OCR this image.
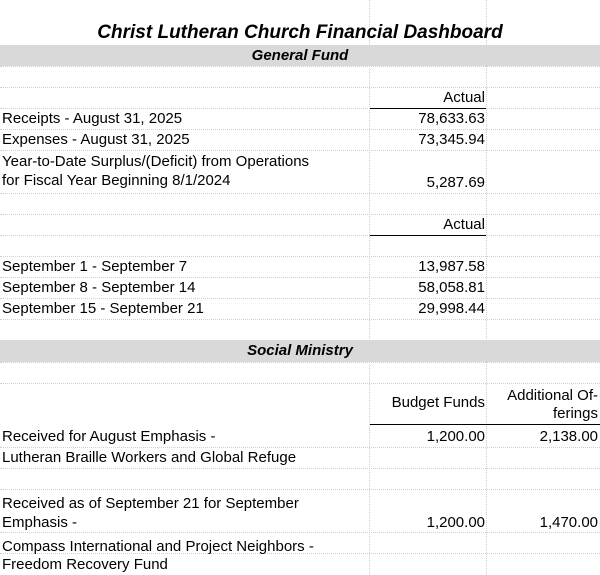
Christ Lutheran Church Financial Dashboard
General Fund
Actual
Receipts - August 31, 2025	78,633.63
Expenses - August 31, 2025	73,345.94
Year-to-Date Surplus/(Deficit) from Operations
for Fiscal Year Beginning 8/1/2024	5,287.69
Actual
September 1 - September 7	13,987.58
September 8 - September 14	58,058.81
September 15 - September 21	29,998.44
Social Ministry
Budget Funds	Additional Of-
ferings
Received for August Emphasis -	1,200.00	2,138.00
Lutheran Braille Workers and Global Refuge
Received as of September 21 for September
Emphasis -	1,200.00	1,470.00
Compass International and Project Neighbors -
Freedom Recovery Fund
